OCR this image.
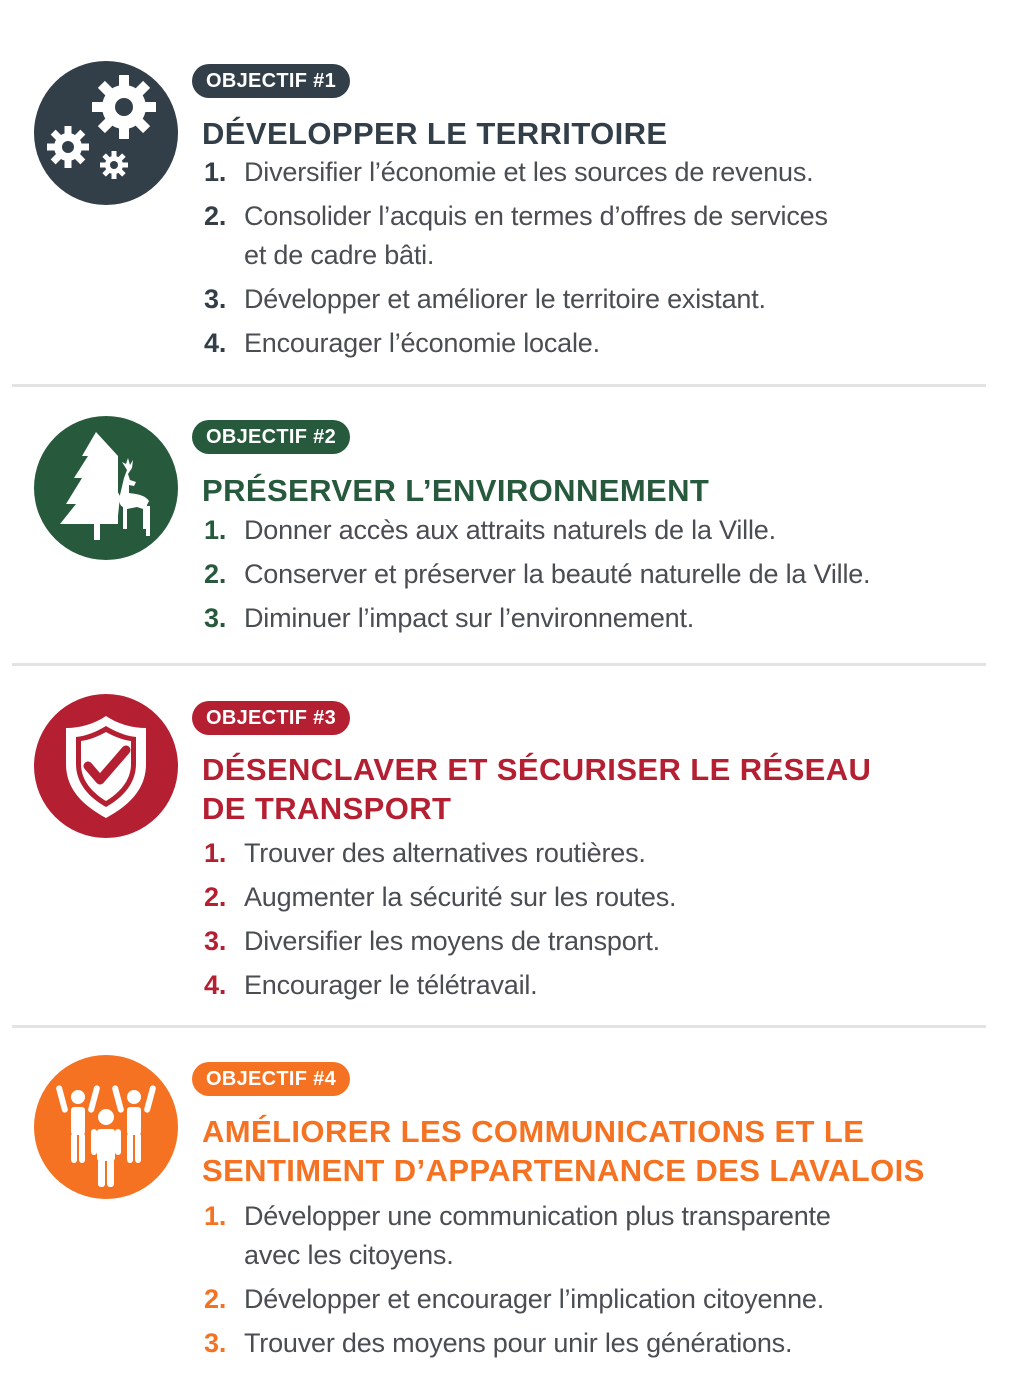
OBJECTIF #1
DÉVELOPPER LE TERRITOIRE
1. Diversifier l’économie et les sources de revenus.
2. Consolider l’acquis en termes d’offres de services
et de cadre bâti.
3. Développer et améliorer le territoire existant.
4. Encourager l’économie locale.
OBJECTIF #2
PRÉSERVER L’ENVIRONNEMENT
1. Donner accès aux attraits naturels de la Ville.
2. Conserver et préserver la beauté naturelle de la Ville.
3. Diminuer l’impact sur l’environnement.
OBJECTIF #3
DÉSENCLAVER ET SÉCURISER LE RÉSEAU
DE TRANSPORT
1. Trouver des alternatives routières.
2. Augmenter la sécurité sur les routes.
3. Diversifier les moyens de transport.
4. Encourager le télétravail.
OBJECTIF #4
AMÉLIORER LES COMMUNICATIONS ET LE
SENTIMENT D’APPARTENANCE DES LAVALOIS
1. Développer une communication plus transparente
avec les citoyens.
2. Développer et encourager l’implication citoyenne.
3. Trouver des moyens pour unir les générations.
